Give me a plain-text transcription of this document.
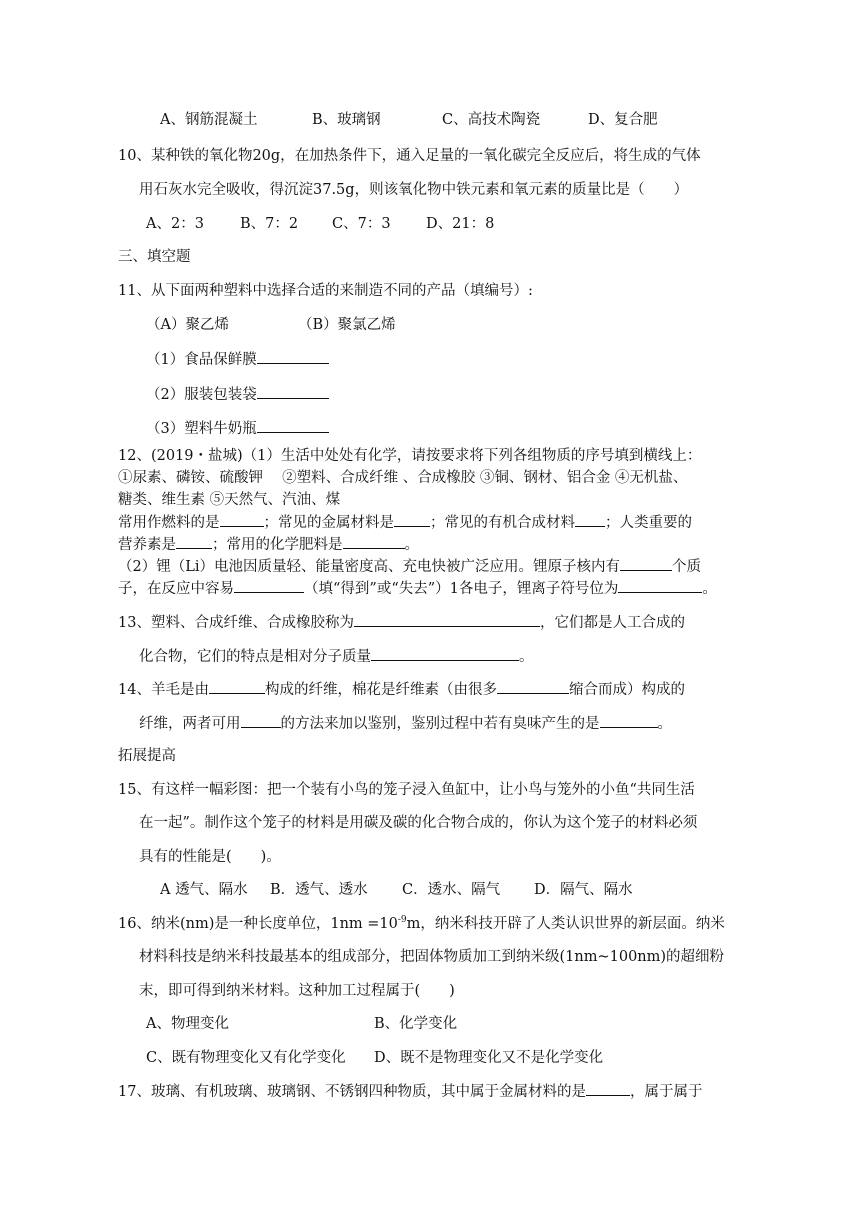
A、钢筋混凝土	B、玻璃钢	C、高技术陶瓷	D、复合肥
10、某种铁的氧化物20g，在加热条件下，通入足量的一氧化碳完全反应后，将生成的气体
用石灰水完全吸收，得沉淀37.5g，则该氧化物中铁元素和氧元素的质量比是（　　）
A、2：3 B、7：2 C、7：3 D、21：8
三、填空题
11、从下面两种塑料中选择合适的来制造不同的产品（填编号）:
（A）聚乙烯	（B）聚氯乙烯
（1）食品保鲜膜
（2）服装包装袋
（3）塑料牛奶瓶
12、(2019・盐城)（1）生活中处处有化学，请按要求将下列各组物质的序号填到横线上：
①尿素、磷铵、硫酸钾　 ②塑料、合成纤维 、合成橡胶 ③铜、钢材、铝合金 ④无机盐、
糖类、维生素 ⑤天然气、汽油、煤
常用作燃料的是	；常见的金属材料是 ；常见的有机合成材料 ；人类重要的
营养素是 ；常用的化学肥料是	。
（2）锂（Li）电池因质量轻、能量密度高、充电快被广泛应用。锂原子核内有	个质
子，在反应中容易	（填“得到”或“失去”）1各电子，锂离子符号位为	。
13、塑料、合成纤维、合成橡胶称为	，它们都是人工合成的
化合物，它们的特点是相对分子质量	。
14、羊毛是由	构成的纤维，棉花是纤维素（由很多	缩合而成）构成的
纤维，两者可用	的方法来加以鉴别，鉴别过程中若有臭味产生的是	。
拓展提高
15、有这样一幅彩图：把一个装有小鸟的笼子浸入鱼缸中，让小鸟与笼外的小鱼“共同生活
在一起”。制作这个笼子的材料是用碳及碳的化合物合成的，你认为这个笼子的材料必须
具有的性能是(　　)。
A 透气、隔水 B．透气、透水 C．透水、隔气 D．隔气、隔水
16、纳米(nm)是一种长度单位，$1nm =10^{-9}m$，纳米科技开辟了人类认识世界的新层面。纳米
材料科技是纳米科技最基本的组成部分，把固体物质加工到纳米级(1nm~100nm)的超细粉
末，即可得到纳米材料。这种加工过程属于(　　)
A、物理变化	B、化学变化
C、既有物理变化又有化学变化 D、既不是物理变化又不是化学变化
17、玻璃、有机玻璃、玻璃钢、不锈钢四种物质，其中属于金属材料的是	，属于属于
